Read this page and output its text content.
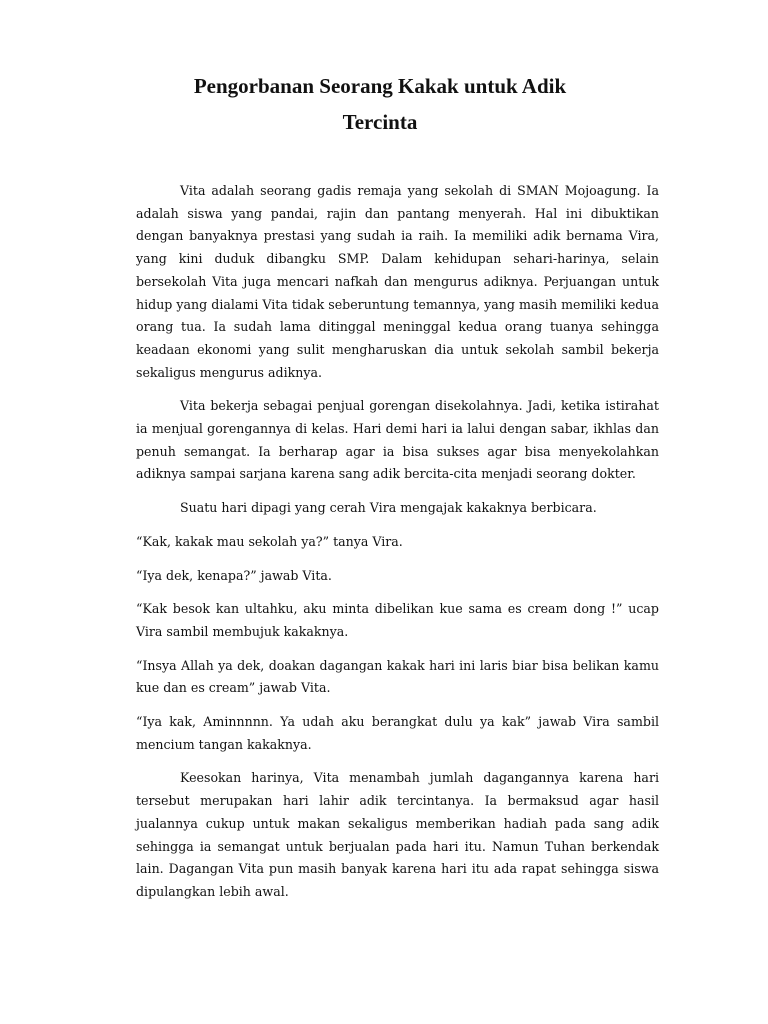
Pengorbanan Seorang Kakak untuk Adik
Tercinta

Vita adalah seorang gadis remaja yang sekolah di SMAN Mojoagung. Ia adalah siswa yang pandai, rajin dan pantang menyerah. Hal ini dibuktikan dengan banyaknya prestasi yang sudah ia raih. Ia memiliki adik bernama Vira, yang kini duduk dibangku SMP. Dalam kehidupan sehari-harinya, selain bersekolah Vita juga mencari nafkah dan mengurus adiknya. Perjuangan untuk hidup yang dialami Vita tidak seberuntung temannya, yang masih memiliki kedua orang tua. Ia sudah lama ditinggal meninggal kedua orang tuanya sehingga keadaan ekonomi yang sulit mengharuskan dia untuk sekolah sambil bekerja sekaligus mengurus adiknya.

Vita bekerja sebagai penjual gorengan disekolahnya. Jadi, ketika istirahat ia menjual gorengannya di kelas. Hari demi hari ia lalui dengan sabar, ikhlas dan penuh semangat. Ia berharap agar ia bisa sukses agar bisa menyekolahkan adiknya sampai sarjana karena sang adik bercita-cita menjadi seorang dokter.

Suatu hari dipagi yang cerah Vira mengajak kakaknya berbicara.

“Kak, kakak mau sekolah ya?” tanya Vira.

“Iya dek, kenapa?” jawab Vita.

“Kak besok kan ultahku, aku minta dibelikan kue sama es cream dong !” ucap Vira sambil membujuk kakaknya.

“Insya Allah ya dek, doakan dagangan kakak hari ini laris biar bisa belikan kamu kue dan es cream” jawab Vita.

“Iya kak, Aminnnnn. Ya udah aku berangkat dulu ya kak” jawab Vira sambil mencium tangan kakaknya.

Keesokan harinya, Vita menambah jumlah dagangannya karena hari tersebut merupakan hari lahir adik tercintanya. Ia bermaksud agar hasil jualannya cukup untuk makan sekaligus memberikan hadiah pada sang adik sehingga ia semangat untuk berjualan pada hari itu. Namun Tuhan berkendak lain. Dagangan Vita pun masih banyak karena hari itu ada rapat sehingga siswa dipulangkan lebih awal.
